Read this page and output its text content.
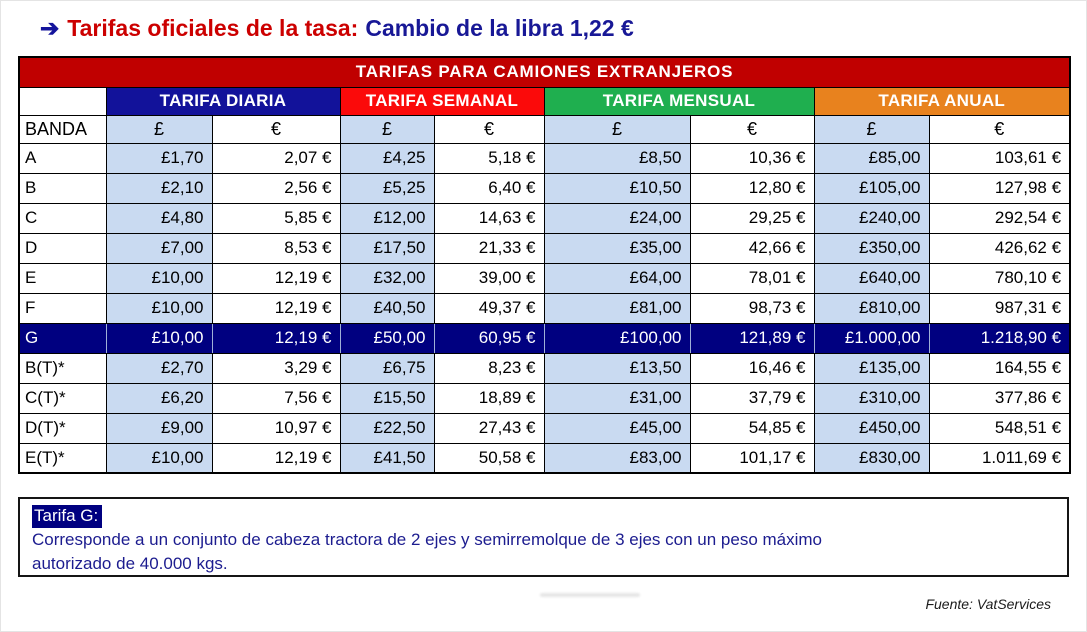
➔ Tarifas oficiales de la tasa: Cambio de la libra 1,22 €
TARIFAS PARA CAMIONES EXTRANJEROS								
	TARIFA DIARIA		TARIFA SEMANAL		TARIFA MENSUAL		TARIFA ANUAL	
BANDA	£	€	£	€	£	€	£	€
A	£1,70	2,07 €	£4,25	5,18 €	£8,50	10,36 €	£85,00	103,61 €
B	£2,10	2,56 €	£5,25	6,40 €	£10,50	12,80 €	£105,00	127,98 €
C	£4,80	5,85 €	£12,00	14,63 €	£24,00	29,25 €	£240,00	292,54 €
D	£7,00	8,53 €	£17,50	21,33 €	£35,00	42,66 €	£350,00	426,62 €
E	£10,00	12,19 €	£32,00	39,00 €	£64,00	78,01 €	£640,00	780,10 €
F	£10,00	12,19 €	£40,50	49,37 €	£81,00	98,73 €	£810,00	987,31 €
G	£10,00	12,19 €	£50,00	60,95 €	£100,00	121,89 €	£1.000,00	1.218,90 €
B(T)*	£2,70	3,29 €	£6,75	8,23 €	£13,50	16,46 €	£135,00	164,55 €
C(T)*	£6,20	7,56 €	£15,50	18,89 €	£31,00	37,79 €	£310,00	377,86 €
D(T)*	£9,00	10,97 €	£22,50	27,43 €	£45,00	54,85 €	£450,00	548,51 €
E(T)*	£10,00	12,19 €	£41,50	50,58 €	£83,00	101,17 €	£830,00	1.011,69 €
Tarifa G:
Corresponde a un conjunto de cabeza tractora de 2 ejes y semirremolque de 3 ejes con un peso máximo
autorizado de 40.000 kgs.
Fuente: VatServices
